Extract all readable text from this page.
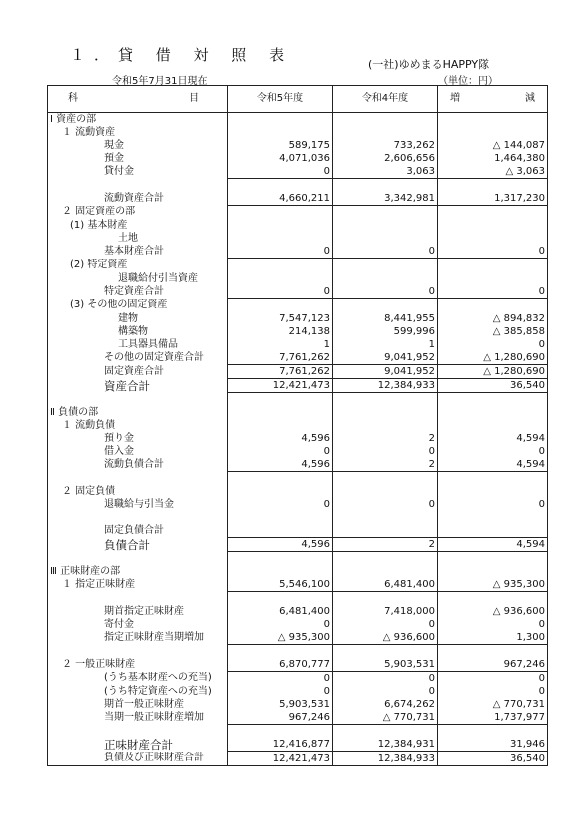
１．貸 借 対 照 表
(一社)ゆめまるHAPPY隊
令和5年7月31日現在	（単位：円）
科 目	令和5年度	令和4年度	増 減

Ⅰ 資産の部			
１ 流動資産			
現金	589,175	733,262	△ 144,087
預金	4,071,036	2,606,656	1,464,380
貸付金	0	3,063	△ 3,063

流動資産合計	4,660,211	3,342,981	1,317,230
２ 固定資産の部			
(1) 基本財産			
土地			
基本財産合計	0	0	0
(2) 特定資産			
退職給付引当資産			
特定資産合計	0	0	0
(3) その他の固定資産			
建物	7,547,123	8,441,955	△ 894,832
構築物	214,138	599,996	△ 385,858
工具器具備品	1	1	0
その他の固定資産合計	7,761,262	9,041,952	△ 1,280,690
固定資産合計	7,761,262	9,041,952	△ 1,280,690
資産合計	12,421,473	12,384,933	36,540

Ⅱ 負債の部			
１ 流動負債			
預り金	4,596	2	4,594
借入金	0	0	0
流動負債合計	4,596	2	4,594

２ 固定負債			
退職給与引当金	0	0	0

固定負債合計			
負債合計	4,596	2	4,594

Ⅲ 正味財産の部			
１ 指定正味財産	5,546,100	6,481,400	△ 935,300

期首指定正味財産	6,481,400	7,418,000	△ 936,600
寄付金	0	0	0
指定正味財産当期増加	△ 935,300	△ 936,600	1,300

２ 一般正味財産	6,870,777	5,903,531	967,246
(うち基本財産への充当)	0	0	0
(うち特定資産への充当)	0	0	0
期首一般正味財産	5,903,531	6,674,262	△ 770,731
当期一般正味財産増加	967,246	△ 770,731	1,737,977

正味財産合計	12,416,877	12,384,931	31,946
負債及び正味財産合計	12,421,473	12,384,933	36,540
